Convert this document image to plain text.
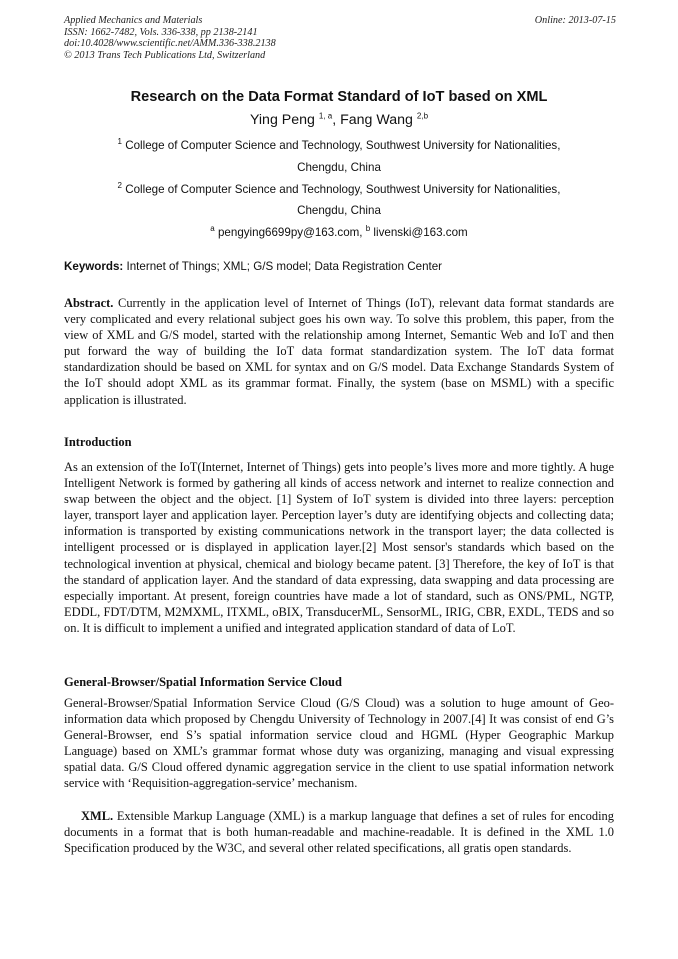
Applied Mechanics and Materials
ISSN: 1662-7482, Vols. 336-338, pp 2138-2141
doi:10.4028/www.scientific.net/AMM.336-338.2138
© 2013 Trans Tech Publications Ltd, Switzerland
Online: 2013-07-15
Research on the Data Format Standard of IoT based on XML
Ying Peng $^{1, a}$, Fang Wang $^{2,b}$

$^1$ College of Computer Science and Technology, Southwest University for Nationalities,

Chengdu, China

$^2$ College of Computer Science and Technology, Southwest University for Nationalities,

Chengdu, China

$^a$ pengying6699py@163.com, $^b$ livenski@163.com

Keywords: Internet of Things; XML; G/S model; Data Registration Center
Abstract. Currently in the application level of Internet of Things (IoT), relevant data format standards are very complicated and every relational subject goes his own way. To solve this problem, this paper, from the view of XML and G/S model, started with the relationship among Internet, Semantic Web and IoT and then put forward the way of building the IoT data format standardization system. The IoT data format standardization should be based on XML for syntax and on G/S model. Data Exchange Standards System of the IoT should adopt XML as its grammar format. Finally, the system (base on MSML) with a specific application is illustrated.
Introduction
As an extension of the IoT(Internet, Internet of Things) gets into people’s lives more and more tightly. A huge Intelligent Network is formed by gathering all kinds of access network and internet to realize connection and swap between the object and the object. [1] System of IoT system is divided into three layers: perception layer, transport layer and application layer. Perception layer’s duty are identifying objects and collecting data; information is transported by existing communications network in the transport layer; the data collected is intelligent processed or is displayed in application layer.[2] Most sensor's standards which based on the technological invention at physical, chemical and biology became patent. [3] Therefore, the key of IoT is that the standard of application layer. And the standard of data expressing, data swapping and data processing are especially important. At present, foreign countries have made a lot of standard, such as ONS/PML, NGTP, EDDL, FDT/DTM, M2MXML, ITXML, oBIX, TransducerML, SensorML, IRIG, CBR, EXDL, TEDS and so on. It is difficult to implement a unified and integrated application standard of data of LoT.
General-Browser/Spatial Information Service Cloud
General-Browser/Spatial Information Service Cloud (G/S Cloud) was a solution to huge amount of Geo-information data which proposed by Chengdu University of Technology in 2007.[4] It was consist of end G’s General-Browser, end S’s spatial information service cloud and HGML (Hyper Geographic Markup Language) based on XML’s grammar format whose duty was organizing, managing and visual expressing spatial data. G/S Cloud offered dynamic aggregation service in the client to use spatial information network service with ‘Requisition-aggregation-service’ mechanism.
XML. Extensible Markup Language (XML) is a markup language that defines a set of rules for encoding documents in a format that is both human-readable and machine-readable. It is defined in the XML 1.0 Specification produced by the W3C, and several other related specifications, all gratis open standards.
